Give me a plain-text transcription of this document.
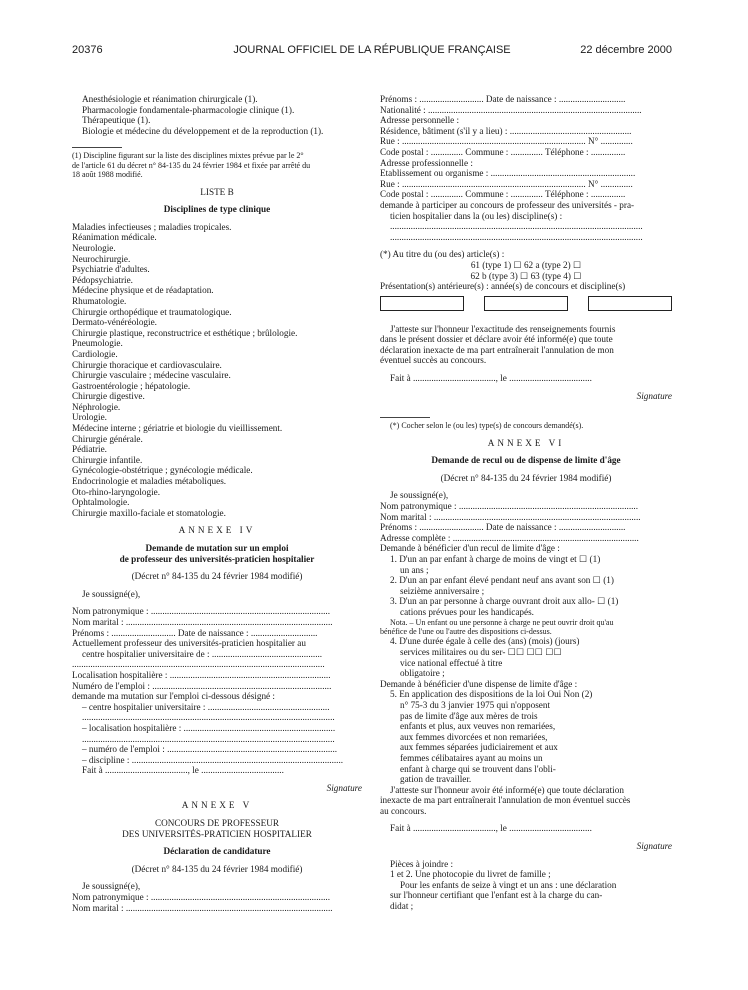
20376	JOURNAL OFFICIEL DE LA RÉPUBLIQUE FRANÇAISE	22 décembre 2000
Anesthésiologie et réanimation chirurgicale (1).
Pharmacologie fondamentale-pharmacologie clinique (1).
Thérapeutique (1).
Biologie et médecine du développement et de la reproduction (1).
(1) Discipline figurant sur la liste des disciplines mixtes prévue par le 2°
de l'article 61 du décret n° 84-135 du 24 février 1984 et fixée par arrêté du
18 août 1988 modifié.
LISTE B
Disciplines de type clinique
Maladies infectieuses ; maladies tropicales.
Réanimation médicale.
Neurologie.
Neurochirurgie.
Psychiatrie d'adultes.
Pédopsychiatrie.
Médecine physique et de réadaptation.
Rhumatologie.
Chirurgie orthopédique et traumatologique.
Dermato-vénéréologie.
Chirurgie plastique, reconstructrice et esthétique ; brûlologie.
Pneumologie.
Cardiologie.
Chirurgie thoracique et cardiovasculaire.
Chirurgie vasculaire ; médecine vasculaire.
Gastroentérologie ; hépatologie.
Chirurgie digestive.
Néphrologie.
Urologie.
Médecine interne ; gériatrie et biologie du vieillissement.
Chirurgie générale.
Pédiatrie.
Chirurgie infantile.
Gynécologie-obstétrique ; gynécologie médicale.
Endocrinologie et maladies métaboliques.
Oto-rhino-laryngologie.
Ophtalmologie.
Chirurgie maxillo-faciale et stomatologie.
ANNEXE IV
Demande de mutation sur un emploi
de professeur des universités-praticien hospitalier
(Décret n° 84-135 du 24 février 1984 modifié)
Je soussigné(e),
Nom patronymique : ..............................................................................
Nom marital : ..........................................................................................
Prénoms : ............................ Date de naissance : .............................
Actuellement professeur des universités-praticien hospitalier au
centre hospitalier universitaire de : ................................................
..............................................................................................................
Localisation hospitalière : ......................................................................
Numéro de l'emploi : ..............................................................................
demande ma mutation sur l'emploi ci-dessous désigné :
– centre hospitalier universitaire : .....................................................
..............................................................................................................
– localisation hospitalière : ..................................................................
..............................................................................................................
– numéro de l'emploi : ..........................................................................
– discipline : ............................................................................................
Fait à ...................................., le ....................................
Signature
ANNEXE V
CONCOURS DE PROFESSEUR
DES UNIVERSITÉS-PRATICIEN HOSPITALIER
Déclaration de candidature
(Décret n° 84-135 du 24 février 1984 modifié)
Je soussigné(e),
Nom patronymique : ..............................................................................
Nom marital : ..........................................................................................
Prénoms : ............................ Date de naissance : .............................
Nationalité : .............................................................................................
Adresse personnelle :
Résidence, bâtiment (s'il y a lieu) : .....................................................
Rue : ................................................................................ N° ..............
Code postal : .............. Commune : .............. Téléphone : ...............
Adresse professionnelle :
Etablissement ou organisme : ...............................................................
Rue : ................................................................................ N° ..............
Code postal : .............. Commune : .............. Téléphone : ...............
demande à participer au concours de professeur des universités - pra-
ticien hospitalier dans la (ou les) discipline(s) :
..............................................................................................................
..............................................................................................................
(*) Au titre du (ou des) article(s) :
61 (type 1) ☐ 62 a (type 2) ☐
62 b (type 3) ☐ 63 (type 4) ☐
Présentation(s) antérieure(s) : année(s) de concours et discipline(s)
J'atteste sur l'honneur l'exactitude des renseignements fournis
dans le présent dossier et déclare avoir été informé(e) que toute
déclaration inexacte de ma part entraînerait l'annulation de mon
éventuel succès au concours.
Fait à ...................................., le ....................................
Signature
(*) Cocher selon le (ou les) type(s) de concours demandé(s).
ANNEXE VI
Demande de recul ou de dispense de limite d'âge
(Décret n° 84-135 du 24 février 1984 modifié)
Je soussigné(e),
Nom patronymique : ..............................................................................
Nom marital : ..........................................................................................
Prénoms : ............................ Date de naissance : .............................
Adresse complète : .................................................................................
Demande à bénéficier d'un recul de limite d'âge :
1. D'un an par enfant à charge de moins de vingt et ☐ (1)
un ans ;
2. D'un an par enfant élevé pendant neuf ans avant son ☐ (1)
seizième anniversaire ;
3. D'un an par personne à charge ouvrant droit aux allo- ☐ (1)
cations prévues pour les handicapés.
Nota. – Un enfant ou une personne à charge ne peut ouvrir droit qu'au
bénéfice de l'une ou l'autre des dispositions ci-dessus.
4. D'une durée égale à celle des (ans) (mois) (jours)
services militaires ou du ser- ☐☐ ☐☐ ☐☐
vice national effectué à titre
obligatoire ;
Demande à bénéficier d'une dispense de limite d'âge :
5. En application des dispositions de la loi Oui Non (2)
n° 75-3 du 3 janvier 1975 qui n'opposent
pas de limite d'âge aux mères de trois
enfants et plus, aux veuves non remariées,
aux femmes divorcées et non remariées,
aux femmes séparées judiciairement et aux
femmes célibataires ayant au moins un
enfant à charge qui se trouvent dans l'obli-
gation de travailler.
J'atteste sur l'honneur avoir été informé(e) que toute déclaration
inexacte de ma part entraînerait l'annulation de mon éventuel succès
au concours.
Fait à ...................................., le ....................................
Signature
Pièces à joindre :
1 et 2. Une photocopie du livret de famille ;
Pour les enfants de seize à vingt et un ans : une déclaration
sur l'honneur certifiant que l'enfant est à la charge du can-
didat ;
